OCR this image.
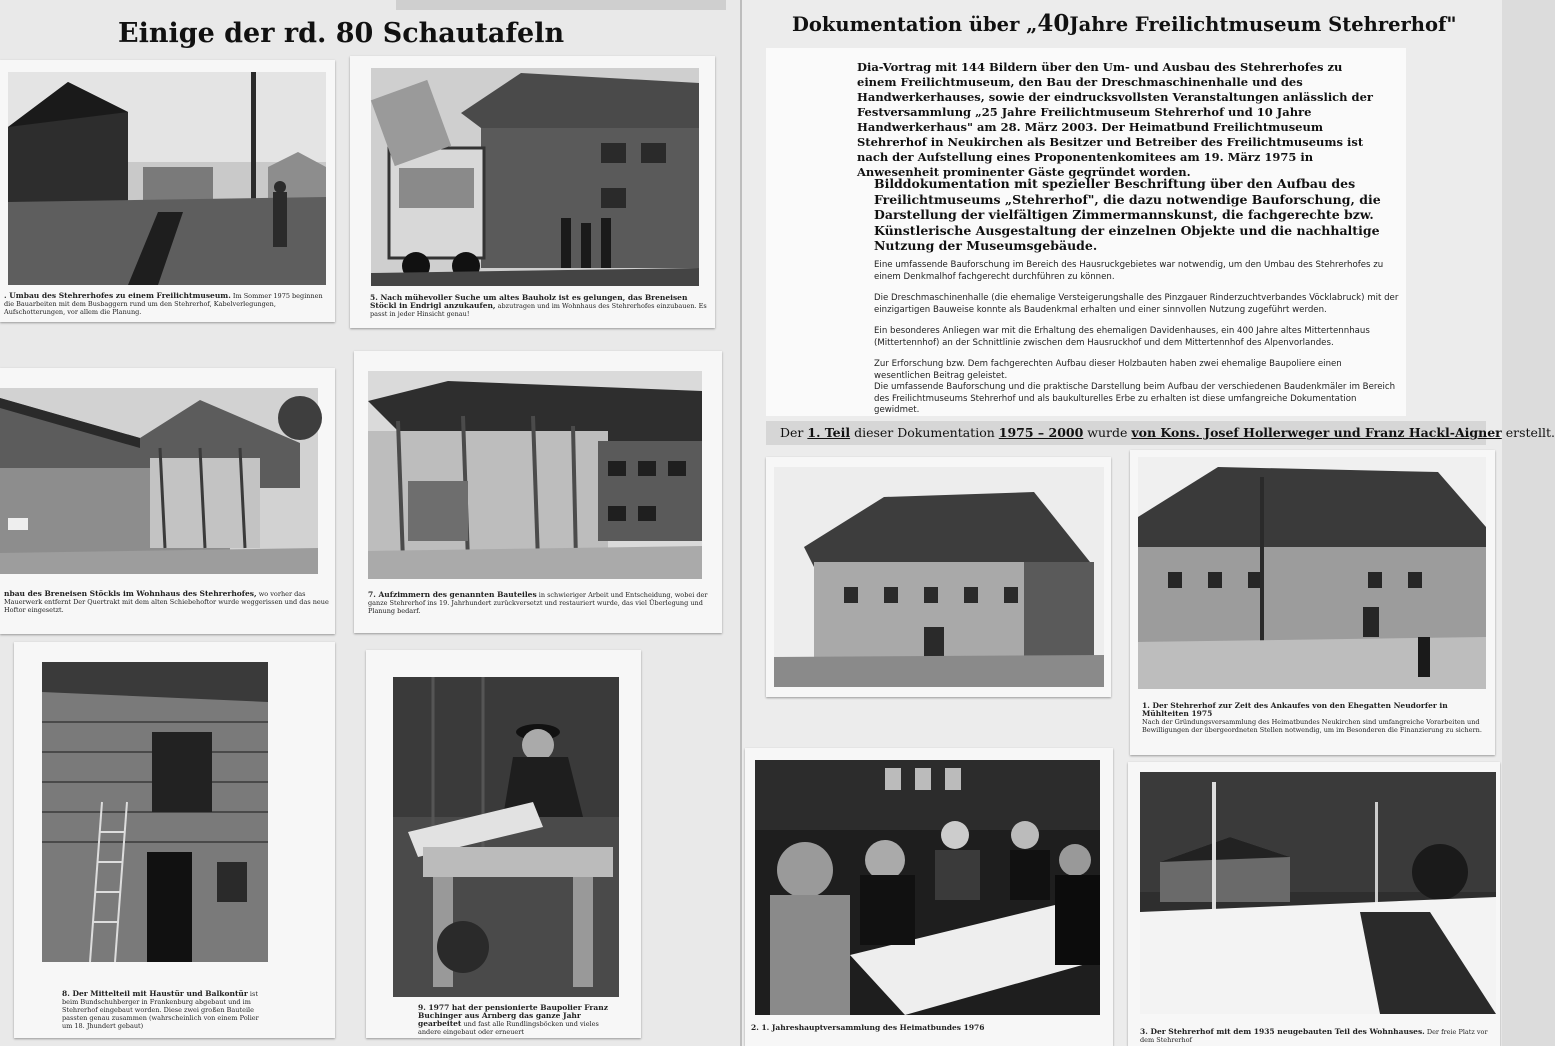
Einige der rd. 80 Schautafeln
. Umbau des Stehrerhofes zu einem Freilichtmuseum. Im Sommer 1975 beginnen die Bauarbeiten mit dem Busbaggern rund um den Stehrerhof, Kabelverlegungen, Aufschotterungen, vor allem die Planung.
5. Nach mühevoller Suche um altes Bauholz ist es gelungen, das Breneisen Stöckl in Endrigl anzukaufen, abzutragen und im Wohnhaus des Stehrerhofes einzubauen. Es passt in jeder Hinsicht genau!
nbau des Breneisen Stöckls im Wohnhaus des Stehrerhofes, wo vorher das Mauerwerk entfernt Der Quertrakt mit dem alten Schiebehoftor wurde weggerissen und das neue Hoftor eingesetzt.
7. Aufzimmern des genannten Bauteiles in schwieriger Arbeit und Entscheidung, wobei der ganze Stehrerhof ins 19. Jahrhundert zurückversetzt und restauriert wurde, das viel Überlegung und Planung bedarf.
8. Der Mittelteil mit Haustür und Balkontür ist beim Bundschuhberger in Frankenburg abgebaut und im Stehrerhof eingebaut worden. Diese zwei großen Bauteile passten genau zusammen (wahrscheinlich von einem Polier um 18. Jhundert gebaut)
9. 1977 hat der pensionierte Baupolier Franz Buchinger aus Arnberg das ganze Jahr gearbeitet und fast alle Rundlingsböcken und vieles andere eingebaut oder erneuert
Dokumentation über „40Jahre Freilichtmuseum Stehrerhof"
Dia-Vortrag mit 144 Bildern über den Um- und Ausbau des Stehrerhofes zu einem Freilichtmuseum, den Bau der Dreschmaschinenhalle und des Handwerkerhauses, sowie der eindrucksvollsten Veranstaltungen anlässlich der Festversammlung „25 Jahre Freilichtmuseum Stehrerhof und 10 Jahre Handwerkerhaus" am 28. März 2003. Der Heimatbund Freilichtmuseum Stehrerhof in Neukirchen als Besitzer und Betreiber des Freilichtmuseums ist nach der Aufstellung eines Proponentenkomitees am 19. März 1975 in Anwesenheit prominenter Gäste gegründet worden.
Bilddokumentation mit spezieller Beschriftung über den Aufbau des Freilichtmuseums „Stehrerhof", die dazu notwendige Bauforschung, die Darstellung der vielfältigen Zimmermannskunst, die fachgerechte bzw. Künstlerische Ausgestaltung der einzelnen Objekte und die nachhaltige Nutzung der Museumsgebäude.

Eine umfassende Bauforschung im Bereich des Hausruckgebietes war notwendig, um den Umbau des Stehrerhofes zu einem Denkmalhof fachgerecht durchführen zu können.

Die Dreschmaschinenhalle (die ehemalige Versteigerungshalle des Pinzgauer Rinderzuchtverbandes Vöcklabruck) mit der einzigartigen Bauweise konnte als Baudenkmal erhalten und einer sinnvollen Nutzung zugeführt werden.

Ein besonderes Anliegen war mit die Erhaltung des ehemaligen Davidenhauses, ein 400 Jahre altes Mittertennhaus (Mittertennhof) an der Schnittlinie zwischen dem Hausruckhof und dem Mittertennhof des Alpenvorlandes.

Zur Erforschung bzw. Dem fachgerechten Aufbau dieser Holzbauten haben zwei ehemalige Baupoliere einen wesentlichen Beitrag geleistet.

Die umfassende Bauforschung und die praktische Darstellung beim Aufbau der verschiedenen Baudenkmäler im Bereich des Freilichtmuseums Stehrerhof und als baukulturelles Erbe zu erhalten ist diese umfangreiche Dokumentation gewidmet.

Der 1. Teil dieser Dokumentation 1975 – 2000 wurde von Kons. Josef Hollerweger und Franz Hackl-Aigner erstellt.
1. Der Stehrerhof zur Zeit des Ankaufes von den Ehegatten Neudorfer in Mühlteiten 1975
Nach der Gründungsversammlung des Heimatbundes Neukirchen sind umfangreiche Vorarbeiten und Bewilligungen der übergeordneten Stellen notwendig, um im Besonderen die Finanzierung zu sichern.
2. 1. Jahreshauptversammlung des Heimatbundes 1976	3. Der Stehrerhof mit dem 1935 neugebauten Teil des Wohnhauses. Der freie Platz vor dem Stehrerhof
